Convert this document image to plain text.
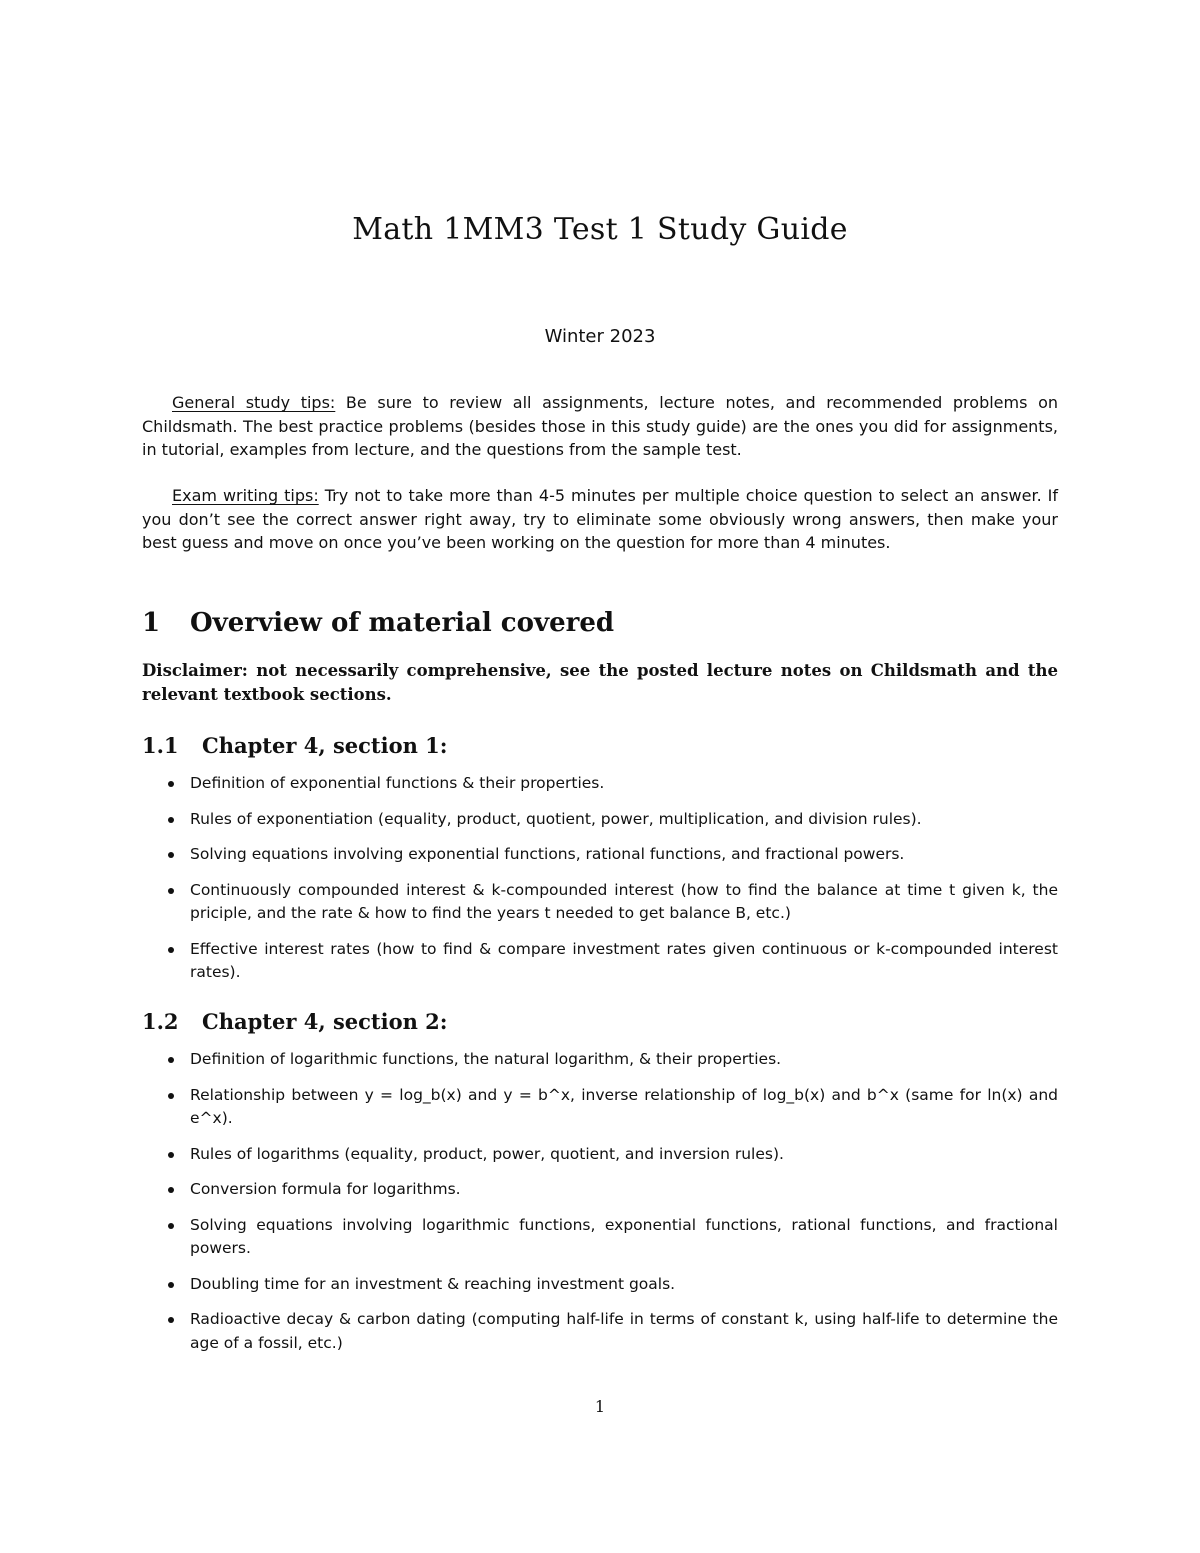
Math 1MM3 Test 1 Study Guide

Winter 2023

General study tips: Be sure to review all assignments, lecture notes, and recommended problems on Childsmath. The best practice problems (besides those in this study guide) are the ones you did for assignments, in tutorial, examples from lecture, and the questions from the sample test.

Exam writing tips: Try not to take more than 4-5 minutes per multiple choice question to select an answer. If you don’t see the correct answer right away, try to eliminate some obviously wrong answers, then make your best guess and move on once you’ve been working on the question for more than 4 minutes.

1	Overview of material covered

Disclaimer: not necessarily comprehensive, see the posted lecture notes on Childsmath and the relevant textbook sections.

1.1	Chapter 4, section 1:
Definition of exponential functions & their properties.
Rules of exponentiation (equality, product, quotient, power, multiplication, and division rules).
Solving equations involving exponential functions, rational functions, and fractional powers.
Continuously compounded interest & k-compounded interest (how to find the balance at time t given k, the priciple, and the rate & how to find the years t needed to get balance B, etc.)
Effective interest rates (how to find & compare investment rates given continuous or k-compounded interest rates).
1.2	Chapter 4, section 2:
Definition of logarithmic functions, the natural logarithm, & their properties.
Relationship between y = log_b(x) and y = b^x, inverse relationship of log_b(x) and b^x (same for ln(x) and e^x).
Rules of logarithms (equality, product, power, quotient, and inversion rules).
Conversion formula for logarithms.
Solving equations involving logarithmic functions, exponential functions, rational functions, and fractional powers.
Doubling time for an investment & reaching investment goals.
Radioactive decay & carbon dating (computing half-life in terms of constant k, using half-life to determine the age of a fossil, etc.)

1
